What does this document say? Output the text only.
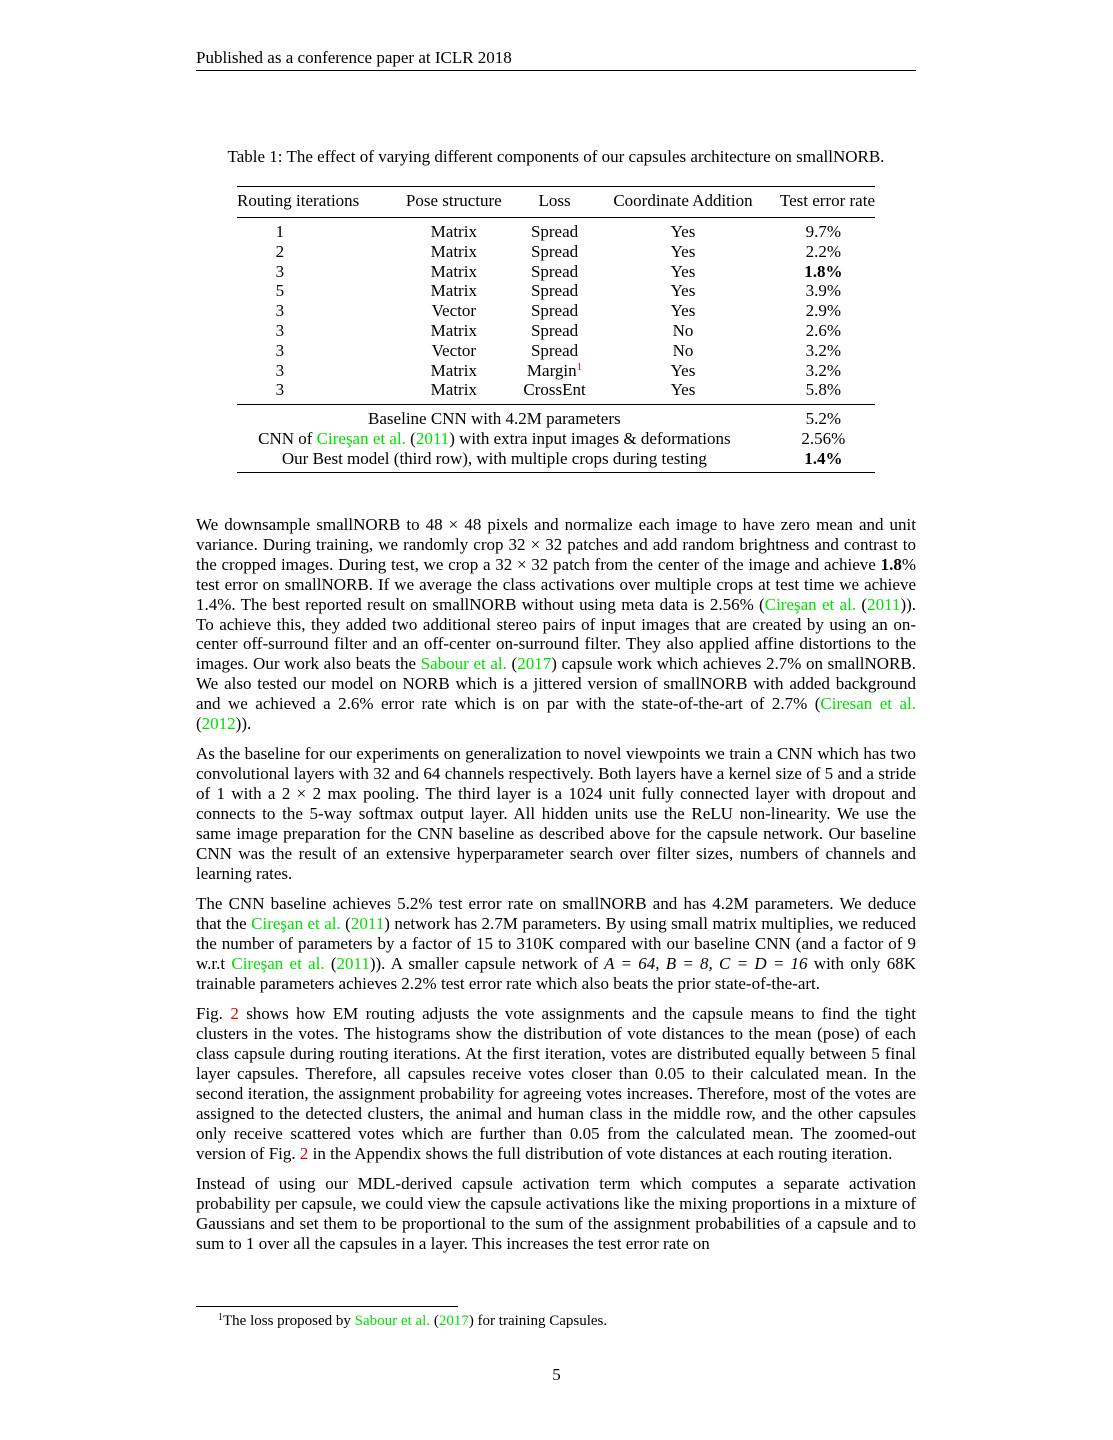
Published as a conference paper at ICLR 2018
Table 1: The effect of varying different components of our capsules architecture on smallNORB.
Routing iterations	Pose structure	Loss	Coordinate Addition	Test error rate
1	Matrix	Spread	Yes	9.7%
2	Matrix	Spread	Yes	2.2%
3	Matrix	Spread	Yes	1.8%
5	Matrix	Spread	Yes	3.9%
3	Vector	Spread	Yes	2.9%
3	Matrix	Spread	No	2.6%
3	Vector	Spread	No	3.2%
3	Matrix	Margin$^1$	Yes	3.2%
3	Matrix	CrossEnt	Yes	5.8%
Baseline CNN with 4.2M parameters				5.2%
CNN of Cireşan et al. (2011) with extra input images & deformations				2.56%
Our Best model (third row), with multiple crops during testing				1.4%

We downsample smallNORB to 48 × 48 pixels and normalize each image to have zero mean and unit variance. During training, we randomly crop 32 × 32 patches and add random brightness and contrast to the cropped images. During test, we crop a 32 × 32 patch from the center of the image and achieve 1.8% test error on smallNORB. If we average the class activations over multiple crops at test time we achieve 1.4%. The best reported result on smallNORB without using meta data is 2.56% (Cireşan et al. (2011)). To achieve this, they added two additional stereo pairs of input images that are created by using an on-center off-surround filter and an off-center on-surround filter. They also applied affine distortions to the images. Our work also beats the Sabour et al. (2017) capsule work which achieves 2.7% on smallNORB. We also tested our model on NORB which is a jittered version of smallNORB with added background and we achieved a 2.6% error rate which is on par with the state-of-the-art of 2.7% (Ciresan et al. (2012)).

As the baseline for our experiments on generalization to novel viewpoints we train a CNN which has two convolutional layers with 32 and 64 channels respectively. Both layers have a kernel size of 5 and a stride of 1 with a 2 × 2 max pooling. The third layer is a 1024 unit fully connected layer with dropout and connects to the 5-way softmax output layer. All hidden units use the ReLU non-linearity. We use the same image preparation for the CNN baseline as described above for the capsule network. Our baseline CNN was the result of an extensive hyperparameter search over filter sizes, numbers of channels and learning rates.

The CNN baseline achieves 5.2% test error rate on smallNORB and has 4.2M parameters. We deduce that the Cireşan et al. (2011) network has 2.7M parameters. By using small matrix multiplies, we reduced the number of parameters by a factor of 15 to 310K compared with our baseline CNN (and a factor of 9 w.r.t Cireşan et al. (2011)). A smaller capsule network of A = 64, B = 8, C = D = 16 with only 68K trainable parameters achieves 2.2% test error rate which also beats the prior state-of-the-art.

Fig. 2 shows how EM routing adjusts the vote assignments and the capsule means to find the tight clusters in the votes. The histograms show the distribution of vote distances to the mean (pose) of each class capsule during routing iterations. At the first iteration, votes are distributed equally between 5 final layer capsules. Therefore, all capsules receive votes closer than 0.05 to their calculated mean. In the second iteration, the assignment probability for agreeing votes increases. Therefore, most of the votes are assigned to the detected clusters, the animal and human class in the middle row, and the other capsules only receive scattered votes which are further than 0.05 from the calculated mean. The zoomed-out version of Fig. 2 in the Appendix shows the full distribution of vote distances at each routing iteration.

Instead of using our MDL-derived capsule activation term which computes a separate activation probability per capsule, we could view the capsule activations like the mixing proportions in a mixture of Gaussians and set them to be proportional to the sum of the assignment probabilities of a capsule and to sum to 1 over all the capsules in a layer. This increases the test error rate on

$^1$The loss proposed by Sabour et al. (2017) for training Capsules.
5
